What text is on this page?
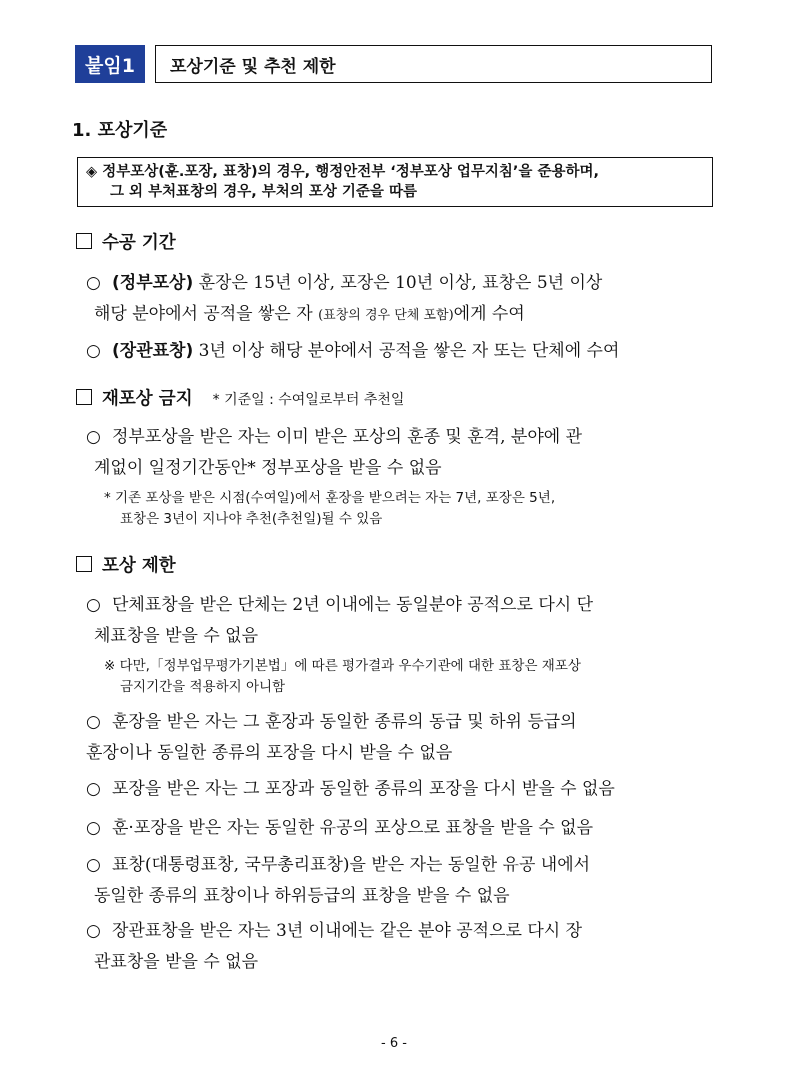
붙임1	포상기준 및 추천 제한
1. 포상기준
◈ 정부포상(훈.포장, 표창)의 경우, 행정안전부 ‘정부포상 업무지침’을 준용하며,
그 외 부처표창의 경우, 부처의 포상 기준을 따름
수공 기간
○ (정부포상) 훈장은 15년 이상, 포장은 10년 이상, 표창은 5년 이상
해당 분야에서 공적을 쌓은 자 (표창의 경우 단체 포함)에게 수여
○ (장관표창) 3년 이상 해당 분야에서 공적을 쌓은 자 또는 단체에 수여
재포상 금지 * 기준일 : 수여일로부터 추천일
○ 정부포상을 받은 자는 이미 받은 포상의 훈종 및 훈격, 분야에 관
계없이 일정기간동안* 정부포상을 받을 수 없음
* 기존 포상을 받은 시점(수여일)에서 훈장을 받으려는 자는 7년, 포장은 5년,
표창은 3년이 지나야 추천(추천일)될 수 있음
포상 제한
○ 단체표창을 받은 단체는 2년 이내에는 동일분야 공적으로 다시 단
체표창을 받을 수 없음
※ 다만,「정부업무평가기본법」에 따른 평가결과 우수기관에 대한 표창은 재포상
금지기간을 적용하지 아니함
○ 훈장을 받은 자는 그 훈장과 동일한 종류의 동급 및 하위 등급의
훈장이나 동일한 종류의 포장을 다시 받을 수 없음
○ 포장을 받은 자는 그 포장과 동일한 종류의 포장을 다시 받을 수 없음
○ 훈·포장을 받은 자는 동일한 유공의 포상으로 표창을 받을 수 없음
○ 표창(대통령표창, 국무총리표창)을 받은 자는 동일한 유공 내에서
동일한 종류의 표창이나 하위등급의 표창을 받을 수 없음
○ 장관표창을 받은 자는 3년 이내에는 같은 분야 공적으로 다시 장
관표창을 받을 수 없음
- 6 -
